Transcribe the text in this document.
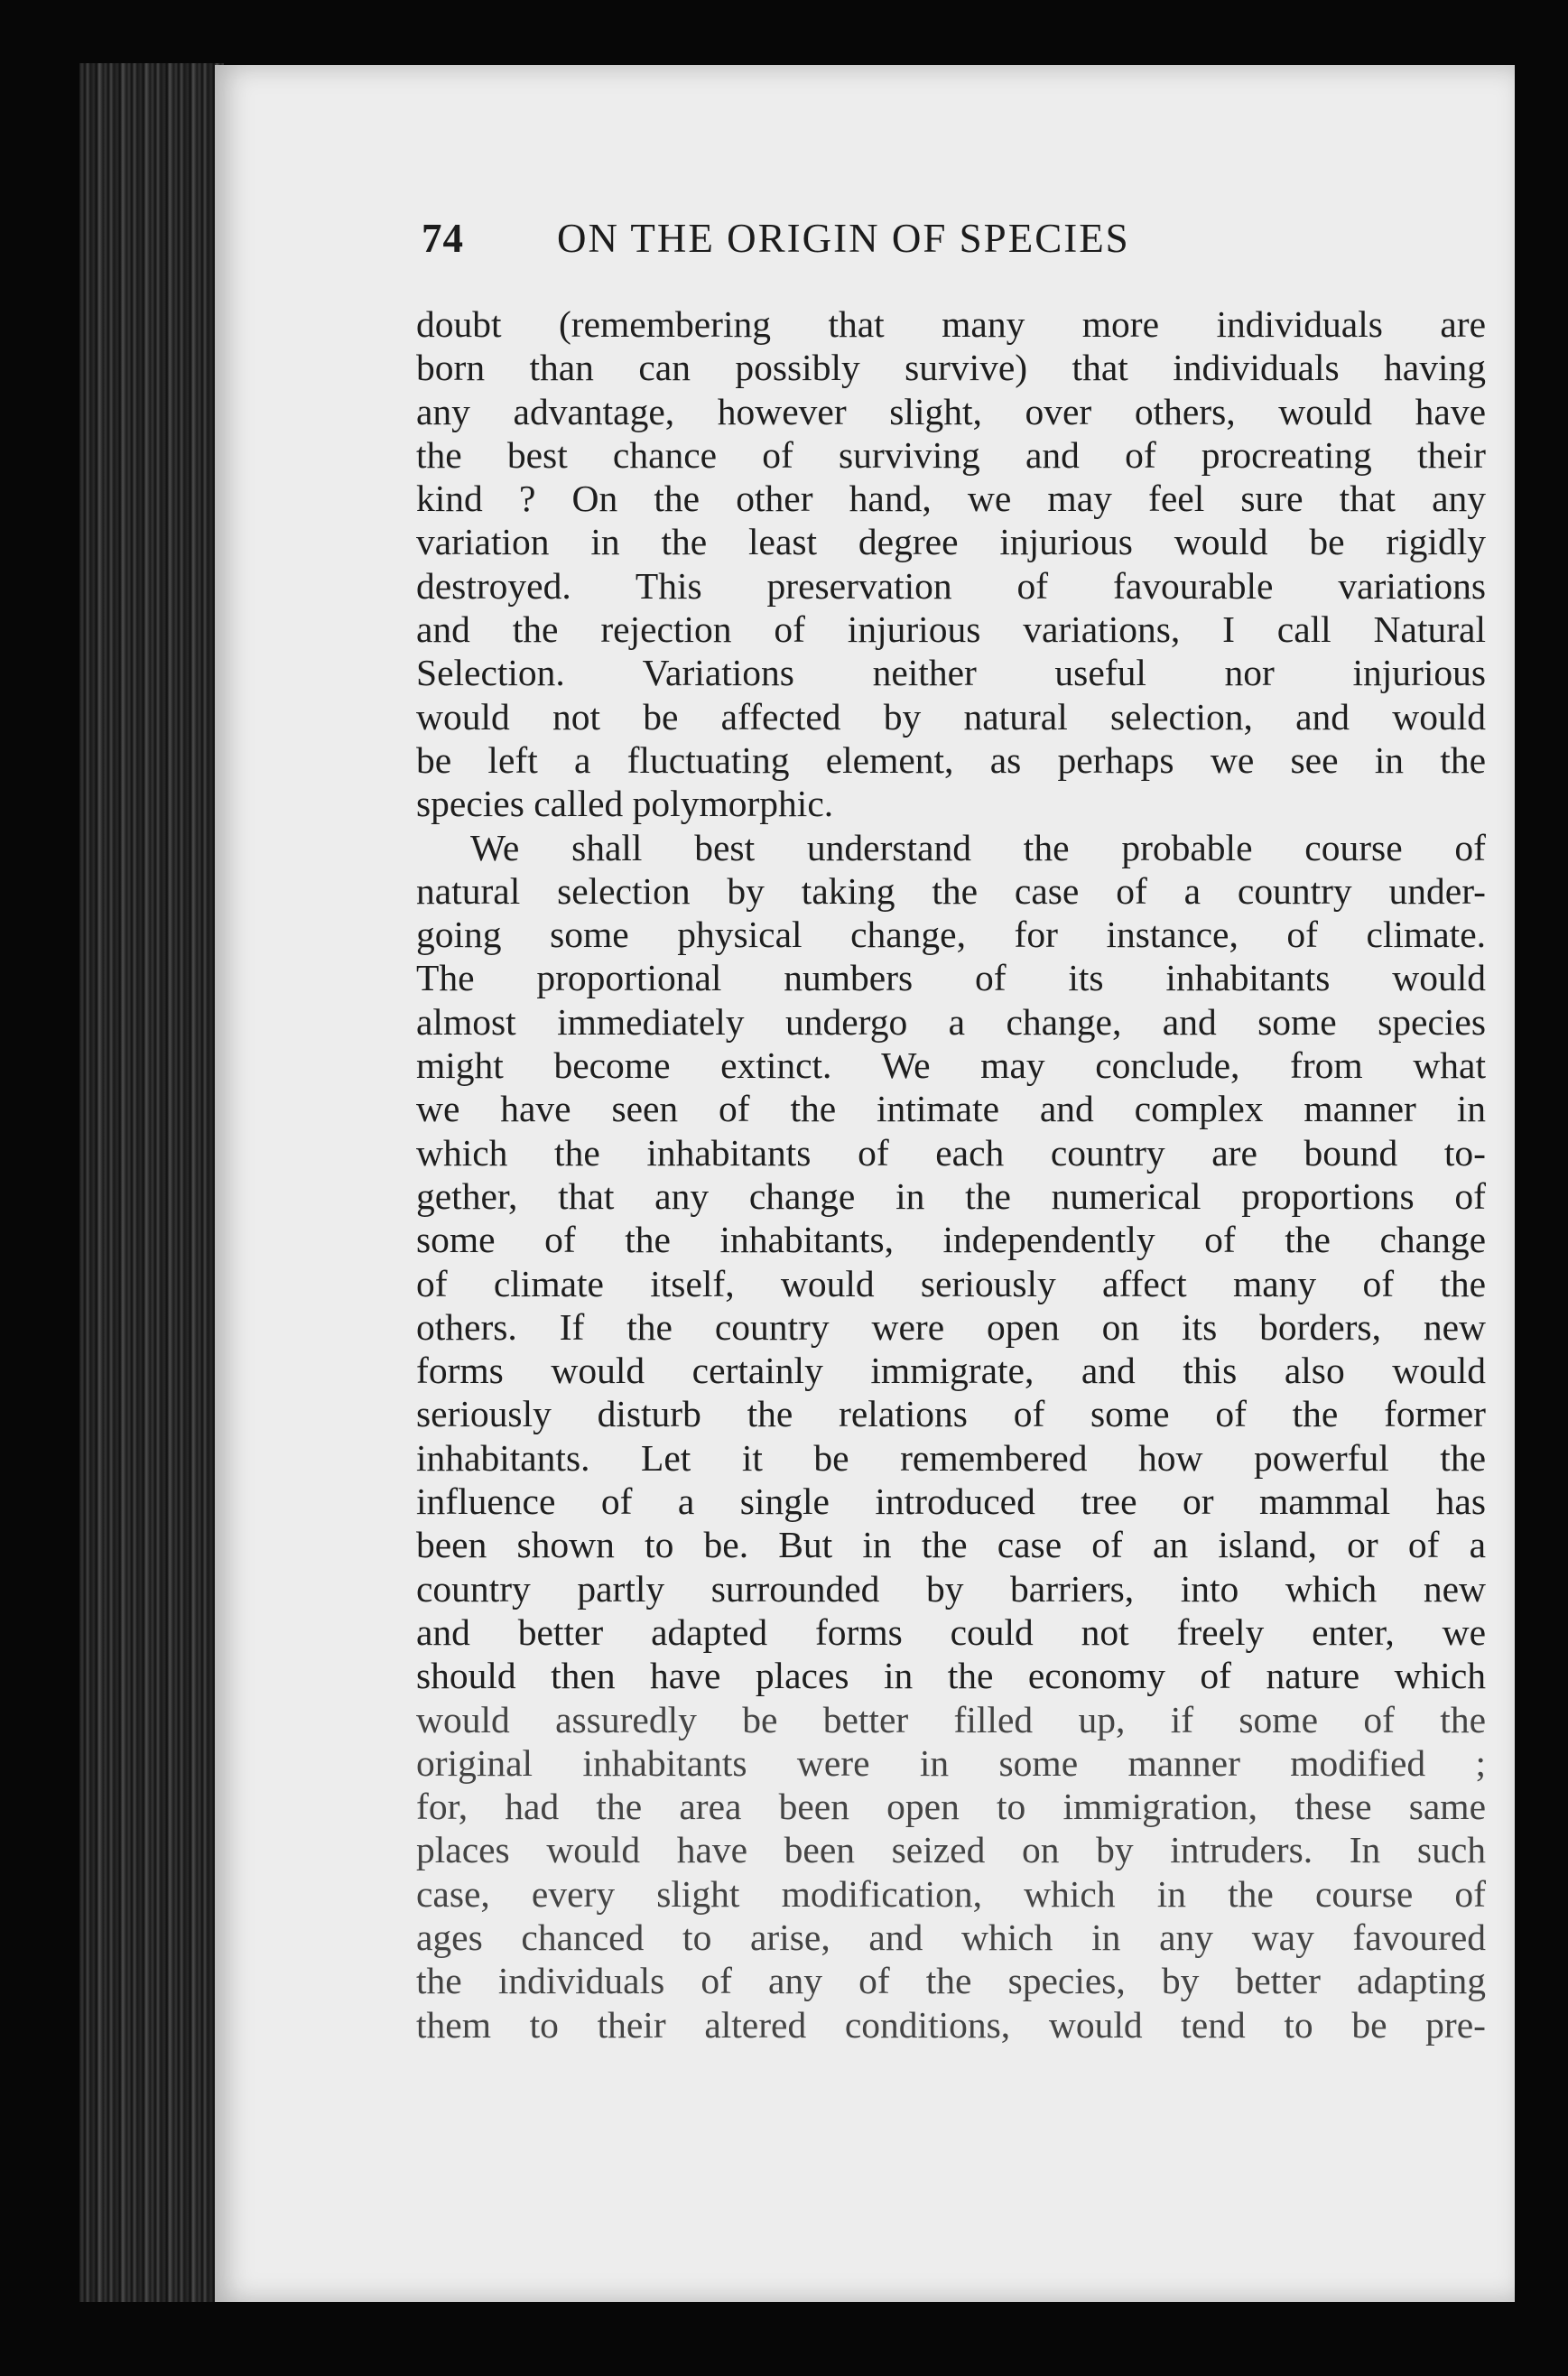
74	ON THE ORIGIN OF SPECIES
doubt (remembering that many more individuals are
born than can possibly survive) that individuals having
any advantage, however slight, over others, would have
the best chance of surviving and of procreating their
kind ? On the other hand, we may feel sure that any
variation in the least degree injurious would be rigidly
destroyed. This preservation of favourable variations
and the rejection of injurious variations, I call Natural
Selection. Variations neither useful nor injurious
would not be affected by natural selection, and would
be left a fluctuating element, as perhaps we see in the
species called polymorphic.
We shall best understand the probable course of
natural selection by taking the case of a country under-
going some physical change, for instance, of climate.
The proportional numbers of its inhabitants would
almost immediately undergo a change, and some species
might become extinct. We may conclude, from what
we have seen of the intimate and complex manner in
which the inhabitants of each country are bound to-
gether, that any change in the numerical proportions of
some of the inhabitants, independently of the change
of climate itself, would seriously affect many of the
others. If the country were open on its borders, new
forms would certainly immigrate, and this also would
seriously disturb the relations of some of the former
inhabitants. Let it be remembered how powerful the
influence of a single introduced tree or mammal has
been shown to be. But in the case of an island, or of a
country partly surrounded by barriers, into which new
and better adapted forms could not freely enter, we
should then have places in the economy of nature which
would assuredly be better filled up, if some of the
original inhabitants were in some manner modified ;
for, had the area been open to immigration, these same
places would have been seized on by intruders. In such
case, every slight modification, which in the course of
ages chanced to arise, and which in any way favoured
the individuals of any of the species, by better adapting
them to their altered conditions, would tend to be pre-
